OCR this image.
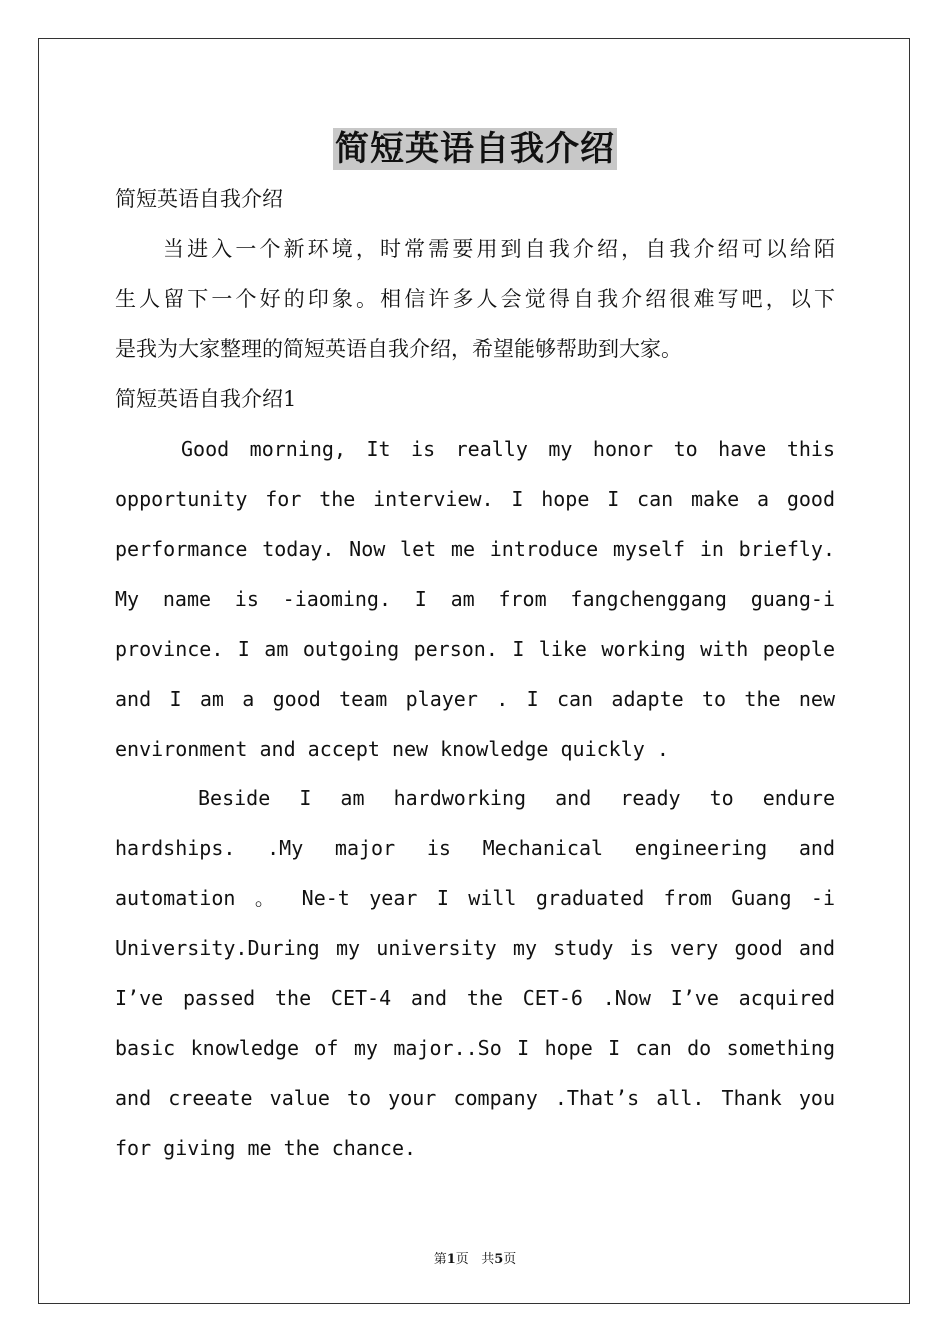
简短英语自我介绍
简短英语自我介绍
当进入一个新环境，时常需要用到自我介绍，自我介绍可以给陌
生人留下一个好的印象。相信许多人会觉得自我介绍很难写吧，以下
是我为大家整理的简短英语自我介绍，希望能够帮助到大家。
简短英语自我介绍1
Good morning, It is really my honor to have this
opportunity for the interview. I hope I can make a good
performance today. Now let me introduce myself in briefly.
My name is -iaoming. I am from fangchenggang guang-i
province. I am outgoing person. I like working with people
and I am a good team player . I can adapte to the new
environment and accept new knowledge quickly .
Beside I am hardworking and ready to endure
hardships. .My major is Mechanical engineering and
automation 。 Ne-t year I will graduated from Guang -i
University.During my university my study is very good and
I’ve passed the CET-4 and the CET-6 .Now I’ve acquired
basic knowledge of my major..So I hope I can do something
and creeate value to your company .That’s all. Thank you
for giving me the chance.
第1页 共5页
